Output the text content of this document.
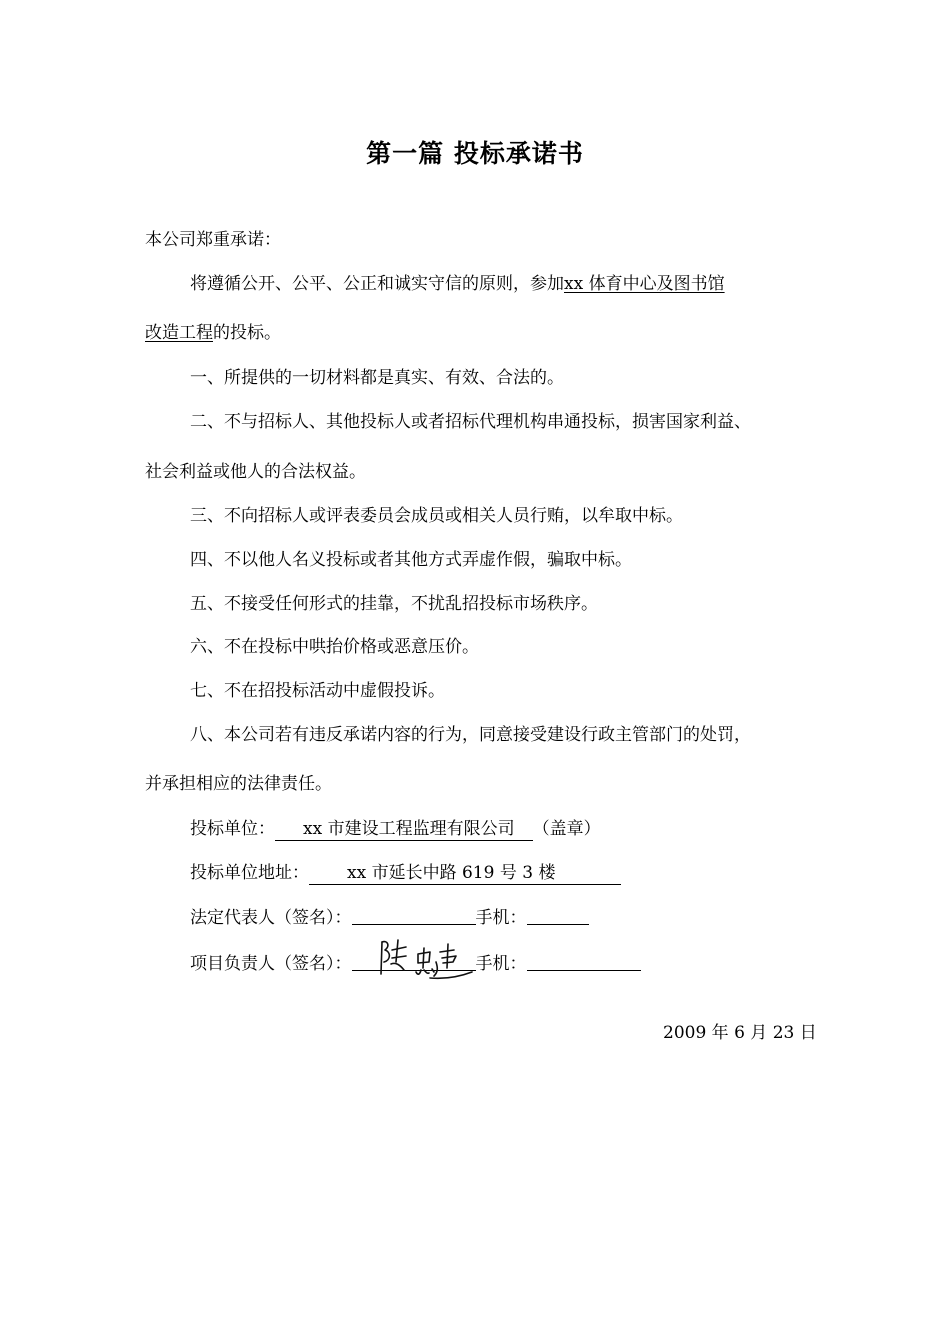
第一篇 投标承诺书
本公司郑重承诺：
将遵循公开、公平、公正和诚实守信的原则，参加xx 体育中心及图书馆
改造工程的投标。
一、所提供的一切材料都是真实、有效、合法的。
二、不与招标人、其他投标人或者招标代理机构串通投标，损害国家利益、
社会利益或他人的合法权益。
三、不向招标人或评表委员会成员或相关人员行贿，以牟取中标。
四、不以他人名义投标或者其他方式弄虚作假，骗取中标。
五、不接受任何形式的挂靠，不扰乱招投标市场秩序。
六、不在投标中哄抬价格或恶意压价。
七、不在招投标活动中虚假投诉。
八、本公司若有违反承诺内容的行为，同意接受建设行政主管部门的处罚，
并承担相应的法律责任。
投标单位： xx 市建设工程监理有限公司 （盖章）
投标单位地址： xx 市延长中路 619 号 3 楼
法定代表人（签名）：	手机：
项目负责人（签名）：	手机：
2009 年 6 月 23 日
